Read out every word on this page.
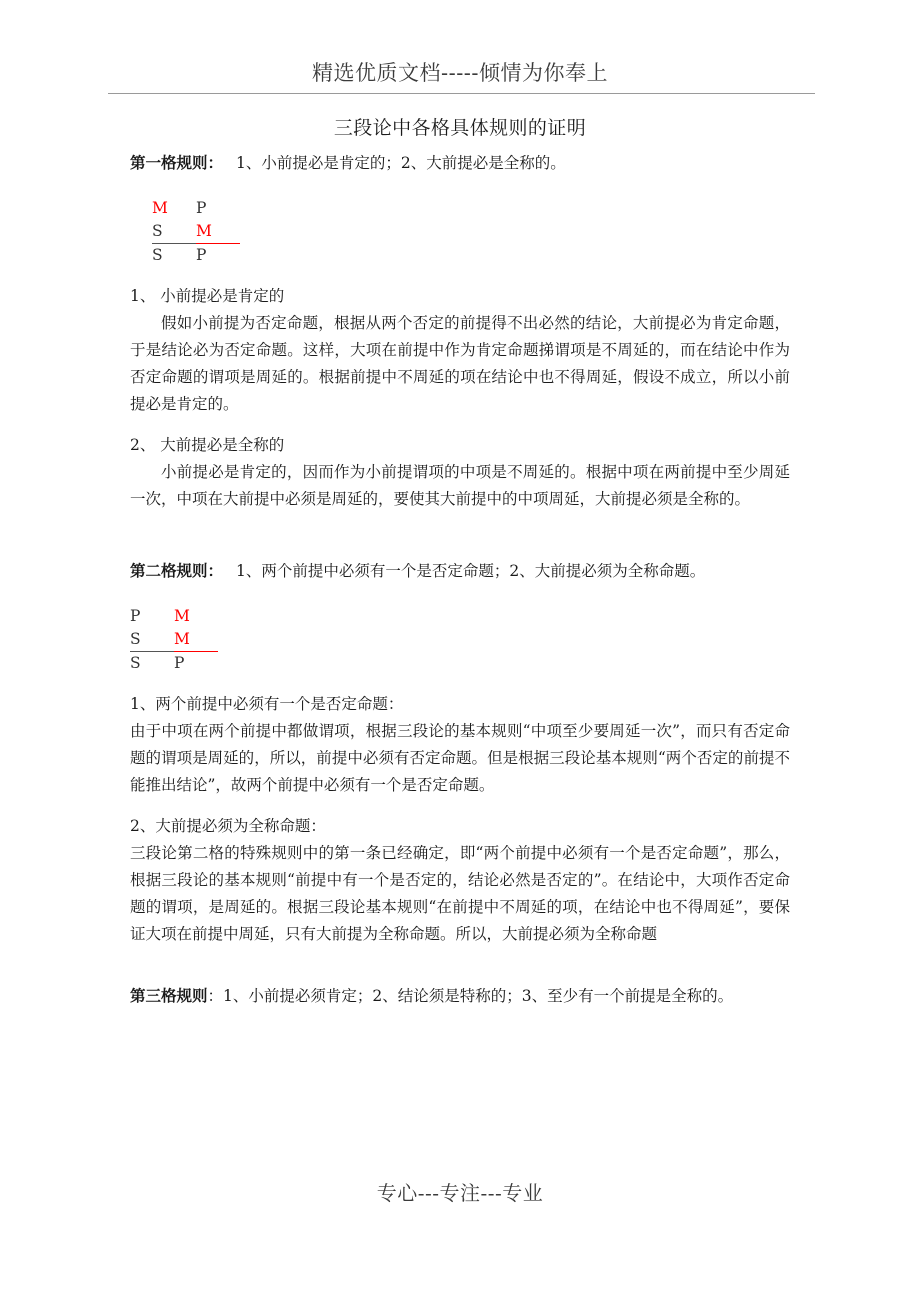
精选优质文档-----倾情为你奉上
三段论中各格具体规则的证明

第一格规则： 1、小前提必是肯定的；2、大前提必是全称的。

M P
S M
S P

1、 小前提必是肯定的

假如小前提为否定命题，根据从两个否定的前提得不出必然的结论，大前提必为肯定命题，于是结论必为否定命题。这样，大项在前提中作为肯定命题挮谓项是不周延的，而在结论中作为否定命题的谓项是周延的。根据前提中不周延的项在结论中也不得周延，假设不成立，所以小前提必是肯定的。

2、 大前提必是全称的

小前提必是肯定的，因而作为小前提谓项的中项是不周延的。根据中项在两前提中至少周延一次，中项在大前提中必须是周延的，要使其大前提中的中项周延，大前提必须是全称的。

第二格规则： 1、两个前提中必须有一个是否定命题；2、大前提必须为全称命题。

P M
S M
S P

1、两个前提中必须有一个是否定命题：

由于中项在两个前提中都做谓项，根据三段论的基本规则“中项至少要周延一次”，而只有否定命题的谓项是周延的，所以，前提中必须有否定命题。但是根据三段论基本规则“两个否定的前提不能推出结论”，故两个前提中必须有一个是否定命题。

2、大前提必须为全称命题：

三段论第二格的特殊规则中的第一条已经确定，即“两个前提中必须有一个是否定命题”，那么，根据三段论的基本规则“前提中有一个是否定的，结论必然是否定的”。在结论中，大项作否定命题的谓项，是周延的。根据三段论基本规则“在前提中不周延的项，在结论中也不得周延”，要保证大项在前提中周延，只有大前提为全称命题。所以，大前提必须为全称命题

第三格规则：1、小前提必须肯定；2、结论须是特称的；3、至少有一个前提是全称的。

专心---专注---专业
